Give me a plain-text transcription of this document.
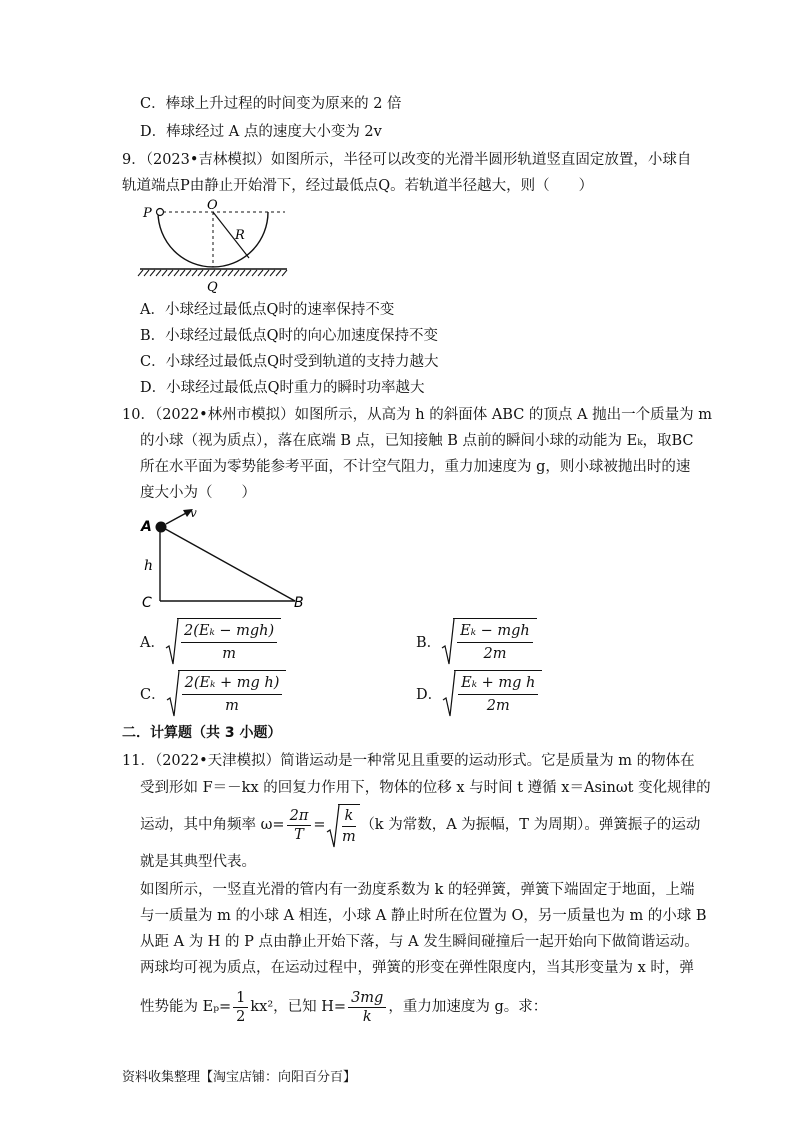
C．棒球上升过程的时间变为原来的 2 倍
D．棒球经过 A 点的速度大小变为 2v
9．（2023•吉林模拟）如图所示，半径可以改变的光滑半圆形轨道竖直固定放置，小球自
轨道端点P由静止开始滑下，经过最低点Q。若轨道半径越大，则（　　）
P
O
R
Q
A．小球经过最低点Q时的速率保持不变
B．小球经过最低点Q时的向心加速度保持不变
C．小球经过最低点Q时受到轨道的支持力越大
D．小球经过最低点Q时重力的瞬时功率越大
10．（2022•林州市模拟）如图所示，从高为 h 的斜面体 ABC 的顶点 A 抛出一个质量为 m
的小球（视为质点），落在底端 B 点，已知接触 B 点前的瞬间小球的动能为 Eₖ，取BC
所在水平面为零势能参考平面，不计空气阻力，重力加速度为 g，则小球被抛出时的速
度大小为（　　）
A
v
h
C	B
A． $\frac{\text{2(Eₖ − mgℎ)}}{m}$	B． $\frac{\text{Eₖ − mgℎ}}{2m}$
C． $\frac{\text{2(Eₖ + mg ℎ)}}{m}$	D． $\frac{\text{Eₖ + mg ℎ}}{2m}$
二．计算题（共 3 小题）
11．（2022•天津模拟）简谐运动是一种常见且重要的运动形式。它是质量为 m 的物体在
受到形如 F＝－kx 的回复力作用下，物体的位移 x 与时间 t 遵循 x＝Asinωt 变化规律的
运动，其中角频率 $\omega= \frac{2\pi}{T} = \frac{k}{m} (k$ 为常数，A 为振幅，T 为周期）。弹簧振子的运动
就是其典型代表。
如图所示，一竖直光滑的管内有一劲度系数为 k 的轻弹簧，弹簧下端固定于地面，上端
与一质量为 m 的小球 A 相连，小球 A 静止时所在位置为 O，另一质量也为 m 的小球 B
从距 A 为 H 的 P 点由静止开始下落，与 A 发生瞬间碰撞后一起开始向下做简谐运动。
两球均可视为质点，在运动过程中，弹簧的形变在弹性限度内，当其形变量为 x 时，弹
性势能为 $E_p= \frac{1}{2} kx^2$，已知 $H= \frac{3mg}{k}$ ，重力加速度为 g。求：
资料收集整理【淘宝店铺：向阳百分百】
